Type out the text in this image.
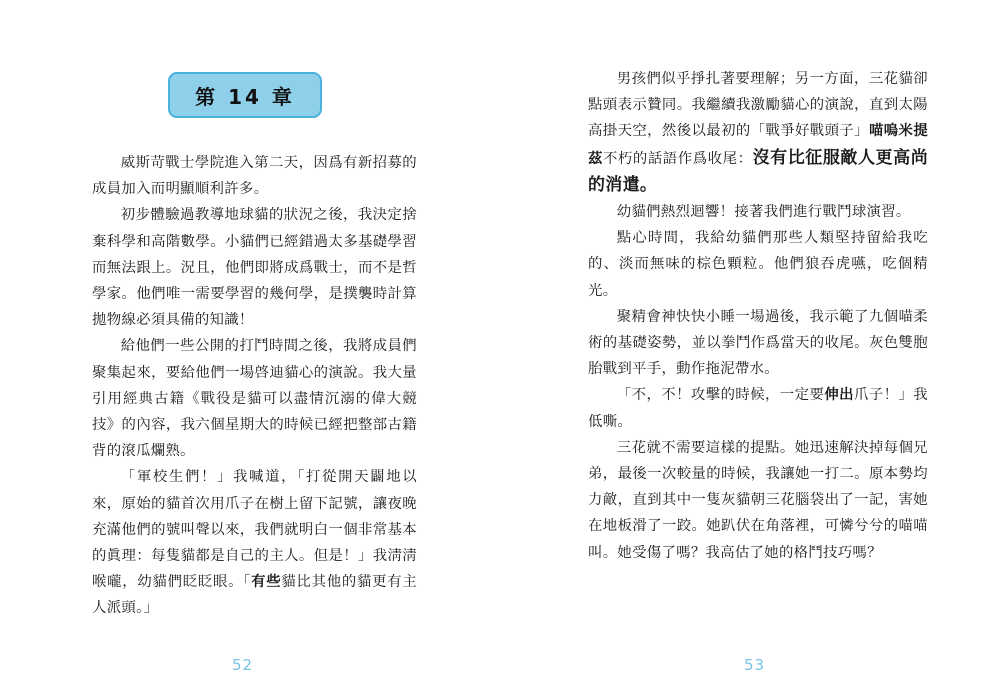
第 14 章

威斯苛戰士學院進入第二天，因爲有新招募的成員加入而明顯順利許多。

初步體驗過教導地球貓的狀況之後，我決定捨棄科學和高階數學。小貓們已經錯過太多基礎學習而無法跟上。況且，他們即將成爲戰士，而不是哲學家。他們唯一需要學習的幾何學，是撲襲時計算拋物線必須具備的知識！

給他們一些公開的打鬥時間之後，我將成員們聚集起來，要給他們一場啓迪貓心的演說。我大量引用經典古籍《戰役是貓可以盡情沉溺的偉大競技》的內容，我六個星期大的時候已經把整部古籍背的滾瓜爛熟。

「軍校生們！」我喊道，「打從開天闢地以來，原始的貓首次用爪子在樹上留下記號，讓夜晚充滿他們的號叫聲以來，我們就明白一個非常基本的眞理：每隻貓都是自己的主人。但是！」我淸淸喉嚨，幼貓們眨眨眼。「有些貓比其他的貓更有主人派頭。」

52

男孩們似乎掙扎著要理解；另一方面，三花貓卻點頭表示贊同。我繼續我激勵貓心的演說，直到太陽高掛天空，然後以最初的「戰爭好戰頭子」喵嗚米提茲不朽的話語作爲收尾：沒有比征服敵人更高尚的消遣。

幼貓們熱烈迴響！接著我們進行戰鬥球演習。

點心時間，我給幼貓們那些人類堅持留給我吃的、淡而無味的棕色顆粒。他們狼吞虎嚥，吃個精光。

聚精會神快快小睡一場過後，我示範了九個喵柔術的基礎姿勢，並以拳鬥作爲當天的收尾。灰色雙胞胎戰到平手，動作拖泥帶水。

「不，不！攻擊的時候，一定要伸出爪子！」我低嘶。

三花就不需要這樣的提點。她迅速解決掉每個兄弟，最後一次較量的時候，我讓她一打二。原本勢均力敵，直到其中一隻灰貓朝三花腦袋出了一記，害她在地板滑了一跤。她趴伏在角落裡，可憐兮兮的喵喵叫。她受傷了嗎？我高估了她的格鬥技巧嗎？

53
